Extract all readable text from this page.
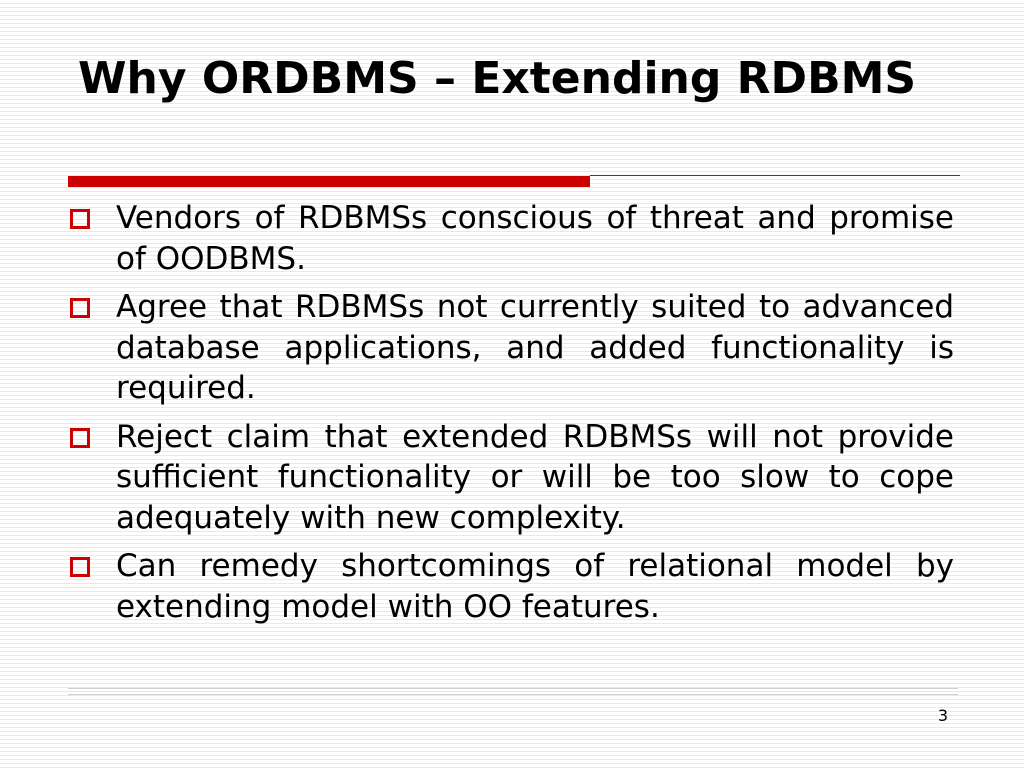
Why ORDBMS – Extending RDBMS
Vendors of RDBMSs conscious of threat and promise of OODBMS.
Agree that RDBMSs not currently suited to advanced database applications, and added functionality is required.
Reject claim that extended RDBMSs will not provide sufficient functionality or will be too slow to cope adequately with new complexity.
Can remedy shortcomings of relational model by extending model with OO features.
3
